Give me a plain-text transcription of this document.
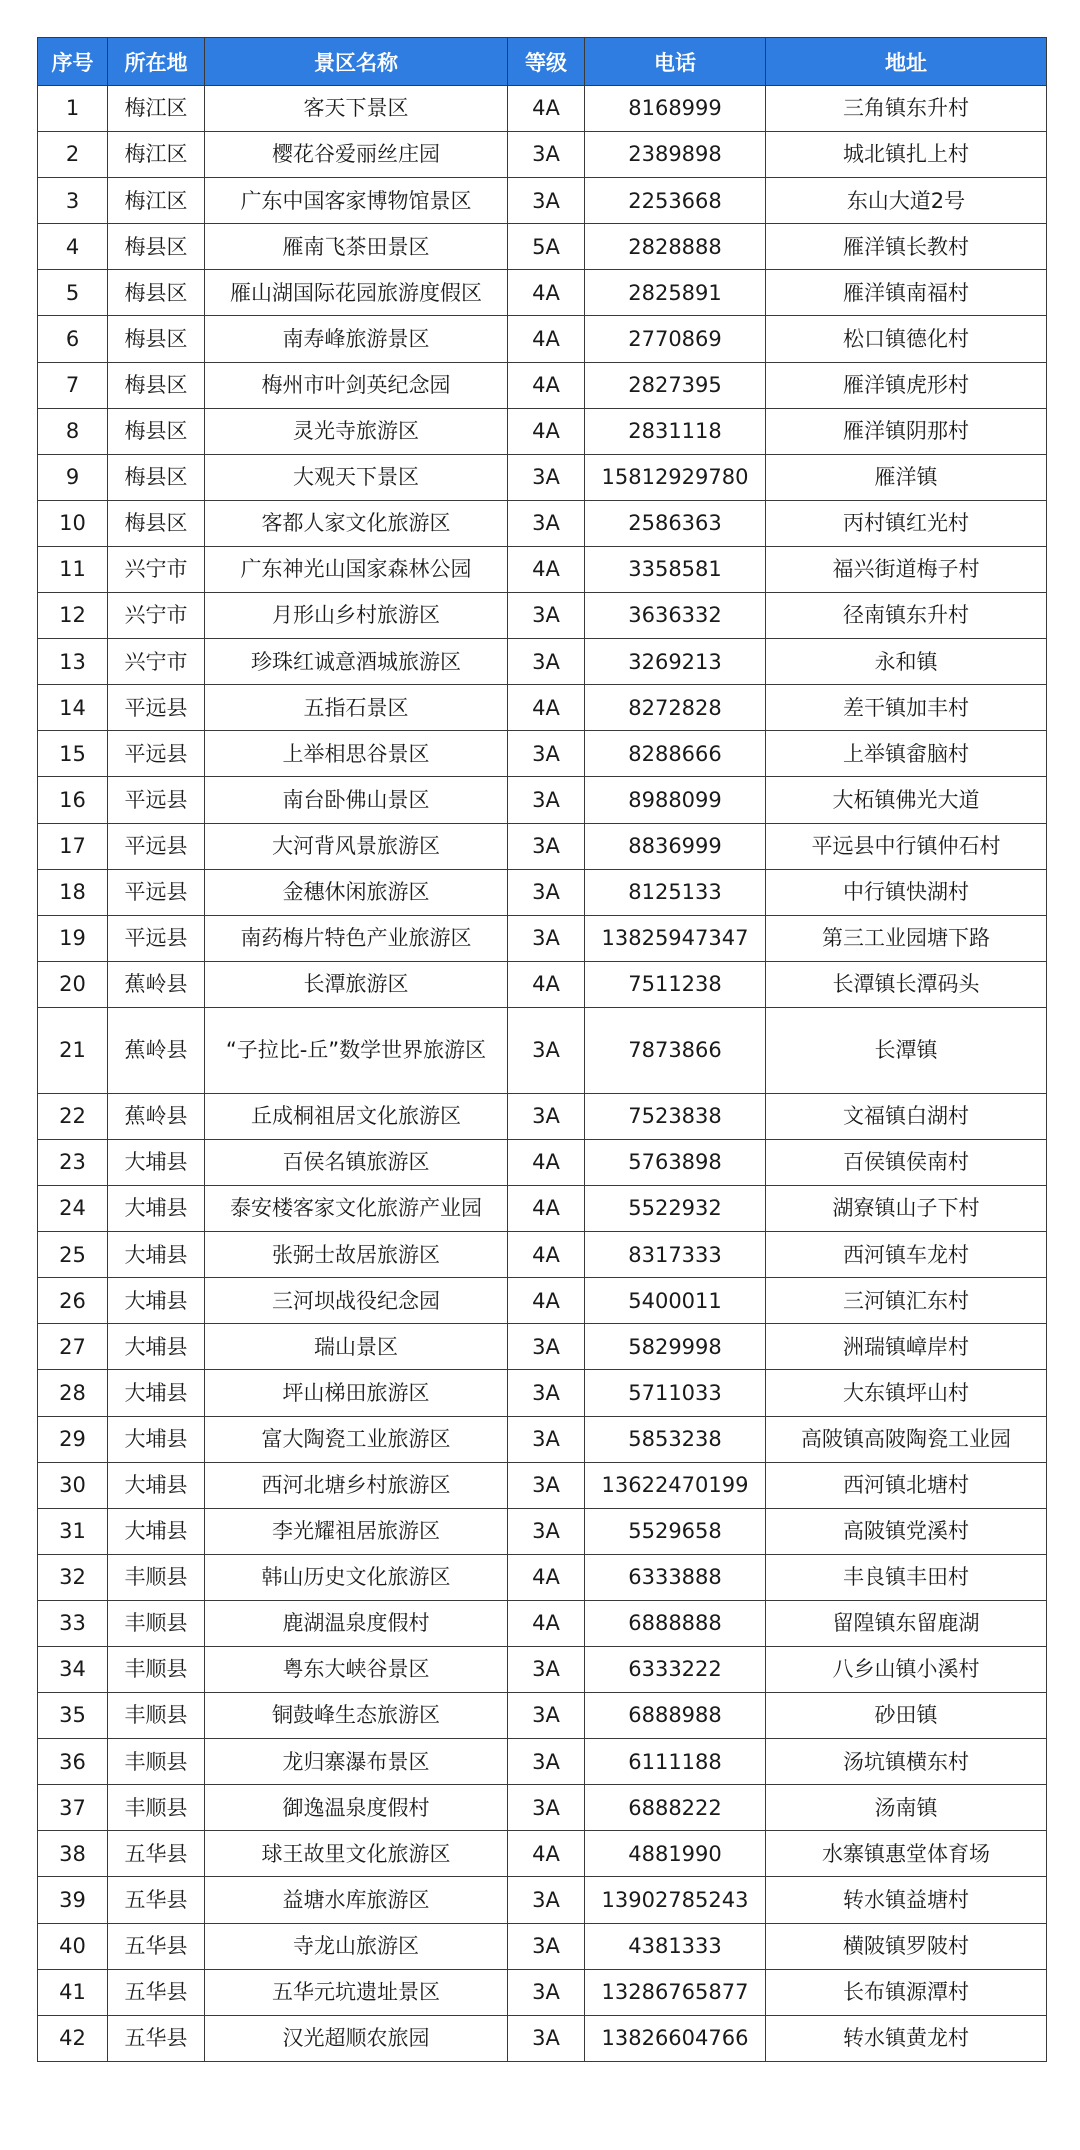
序号	所在地	景区名称	等级	电话	地址
1	梅江区	客天下景区	4A	8168999	三角镇东升村
2	梅江区	樱花谷爱丽丝庄园	3A	2389898	城北镇扎上村
3	梅江区	广东中国客家博物馆景区	3A	2253668	东山大道2号
4	梅县区	雁南飞茶田景区	5A	2828888	雁洋镇长教村
5	梅县区	雁山湖国际花园旅游度假区	4A	2825891	雁洋镇南福村
6	梅县区	南寿峰旅游景区	4A	2770869	松口镇德化村
7	梅县区	梅州市叶剑英纪念园	4A	2827395	雁洋镇虎形村
8	梅县区	灵光寺旅游区	4A	2831118	雁洋镇阴那村
9	梅县区	大观天下景区	3A	15812929780	雁洋镇
10	梅县区	客都人家文化旅游区	3A	2586363	丙村镇红光村
11	兴宁市	广东神光山国家森林公园	4A	3358581	福兴街道梅子村
12	兴宁市	月形山乡村旅游区	3A	3636332	径南镇东升村
13	兴宁市	珍珠红诚意酒城旅游区	3A	3269213	永和镇
14	平远县	五指石景区	4A	8272828	差干镇加丰村
15	平远县	上举相思谷景区	3A	8288666	上举镇畲脑村
16	平远县	南台卧佛山景区	3A	8988099	大柘镇佛光大道
17	平远县	大河背风景旅游区	3A	8836999	平远县中行镇仲石村
18	平远县	金穗休闲旅游区	3A	8125133	中行镇快湖村
19	平远县	南药梅片特色产业旅游区	3A	13825947347	第三工业园塘下路
20	蕉岭县	长潭旅游区	4A	7511238	长潭镇长潭码头
21	蕉岭县	“子拉比-丘”数学世界旅游区	3A	7873866	长潭镇
22	蕉岭县	丘成桐祖居文化旅游区	3A	7523838	文福镇白湖村
23	大埔县	百侯名镇旅游区	4A	5763898	百侯镇侯南村
24	大埔县	泰安楼客家文化旅游产业园	4A	5522932	湖寮镇山子下村
25	大埔县	张弼士故居旅游区	4A	8317333	西河镇车龙村
26	大埔县	三河坝战役纪念园	4A	5400011	三河镇汇东村
27	大埔县	瑞山景区	3A	5829998	洲瑞镇嶂岸村
28	大埔县	坪山梯田旅游区	3A	5711033	大东镇坪山村
29	大埔县	富大陶瓷工业旅游区	3A	5853238	高陂镇高陂陶瓷工业园
30	大埔县	西河北塘乡村旅游区	3A	13622470199	西河镇北塘村
31	大埔县	李光耀祖居旅游区	3A	5529658	高陂镇党溪村
32	丰顺县	韩山历史文化旅游区	4A	6333888	丰良镇丰田村
33	丰顺县	鹿湖温泉度假村	4A	6888888	留隍镇东留鹿湖
34	丰顺县	粤东大峡谷景区	3A	6333222	八乡山镇小溪村
35	丰顺县	铜鼓峰生态旅游区	3A	6888988	砂田镇
36	丰顺县	龙归寨瀑布景区	3A	6111188	汤坑镇横东村
37	丰顺县	御逸温泉度假村	3A	6888222	汤南镇
38	五华县	球王故里文化旅游区	4A	4881990	水寨镇惠堂体育场
39	五华县	益塘水库旅游区	3A	13902785243	转水镇益塘村
40	五华县	寺龙山旅游区	3A	4381333	横陂镇罗陂村
41	五华县	五华元坑遗址景区	3A	13286765877	长布镇源潭村
42	五华县	汉光超顺农旅园	3A	13826604766	转水镇黄龙村
